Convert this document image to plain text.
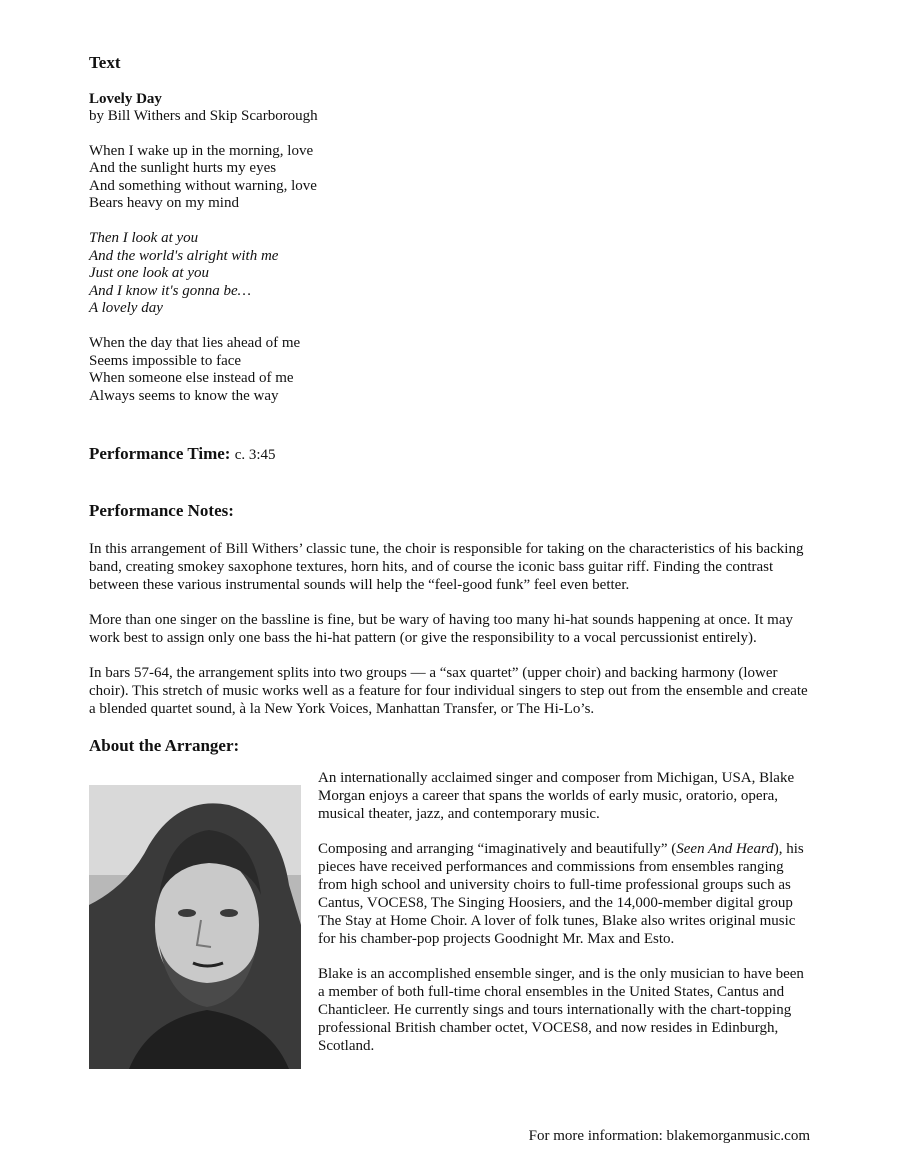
Text

Lovely Day

by Bill Withers and Skip Scarborough

When I wake up in the morning, love

And the sunlight hurts my eyes

And something without warning, love

Bears heavy on my mind

Then I look at you

And the world's alright with me

Just one look at you

And I know it's gonna be…

A lovely day

When the day that lies ahead of me

Seems impossible to face

When someone else instead of me

Always seems to know the way

Performance Time: c. 3:45

Performance Notes:

In this arrangement of Bill Withers’ classic tune, the choir is responsible for taking on the characteristics of his backing band, creating smokey saxophone textures, horn hits, and of course the iconic bass guitar riff. Finding the contrast between these various instrumental sounds will help the “feel-good funk” feel even better.

More than one singer on the bassline is fine, but be wary of having too many hi-hat sounds happening at once. It may work best to assign only one bass the hi-hat pattern (or give the responsibility to a vocal percussionist entirely).

In bars 57-64, the arrangement splits into two groups — a “sax quartet” (upper choir) and backing harmony (lower choir). This stretch of music works well as a feature for four individual singers to step out from the ensemble and create a blended quartet sound, à la New York Voices, Manhattan Transfer, or The Hi-Lo’s.

About the Arranger:

An internationally acclaimed singer and composer from Michigan, USA, Blake Morgan enjoys a career that spans the worlds of early music, oratorio, opera, musical theater, jazz, and contemporary music.

Composing and arranging “imaginatively and beautifully” (Seen And Heard), his pieces have received performances and commissions from ensembles ranging from high school and university choirs to full-time professional groups such as Cantus, VOCES8, The Singing Hoosiers, and the 14,000-member digital group The Stay at Home Choir. A lover of folk tunes, Blake also writes original music for his chamber-pop projects Goodnight Mr. Max and Esto.

Blake is an accomplished ensemble singer, and is the only musician to have been a member of both full-time choral ensembles in the United States, Cantus and Chanticleer. He currently sings and tours internationally with the chart-topping professional British chamber octet, VOCES8, and now resides in Edinburgh, Scotland.

For more information: blakemorganmusic.com
